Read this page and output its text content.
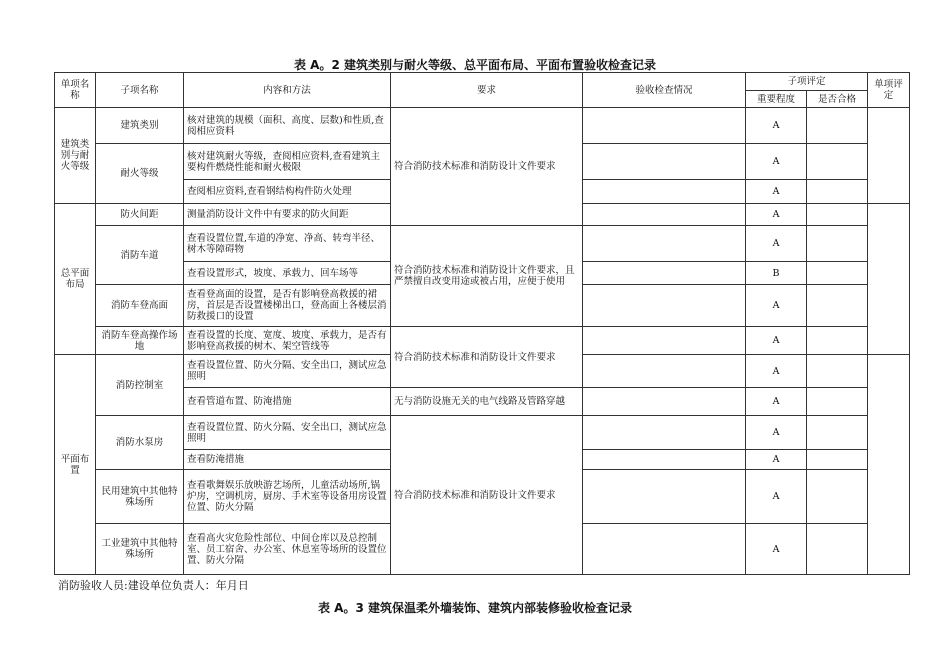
表 A。2 建筑类别与耐火等级、总平面布局、平面布置验收检查记录
单项名称	子项名称	内容和方法	要求	验收检查情况	子项评定		单项评定
					重要程度	是否合格	
建筑类别与耐火等级	建筑类别	核对建筑的规模（面积、高度、层数)和性质,查阅相应资料	符合消防技术标准和消防设计文件要求		A		
	耐火等级	核对建筑耐火等级，查阅相应资料,查看建筑主要构件燃烧性能和耐火极限			A		
		查阅相应资料,查看钢结构构件防火处理			A		
总平面布局	防火间距	测量消防设计文件中有要求的防火间距			A		
	消防车道	查看设置位置,车道的净宽、净高、转弯半径、树木等障碍物	符合消防技术标准和消防设计文件要求，且严禁擅自改变用途或被占用，应便于使用		A		
		查看设置形式，坡度、承载力、回车场等			B		
	消防车登高面	查看登高面的设置，是否有影响登高救援的裙房，首层是否设置楼梯出口，登高面上各楼层消防救援口的设置			A		
	消防车登高操作场地	查看设置的长度、宽度、坡度、承载力，是否有影响登高救援的树木、架空管线等	符合消防技术标准和消防设计文件要求		A		
平面布置	消防控制室	查看设置位置、防火分隔、安全出口，测试应急照明			A		
		查看管道布置、防淹措施	无与消防设施无关的电气线路及管路穿越		A		
	消防水泵房	查看设置位置、防火分隔、安全出口，测试应急照明	符合消防技术标准和消防设计文件要求		A		
		查看防淹措施			A		
	民用建筑中其他特殊场所	查看歌舞娱乐放映游艺场所，儿童活动场所,锅炉房，空调机房，厨房、手术室等设备用房设置位置、防火分隔			A		
	工业建筑中其他特殊场所	查看高火灾危险性部位、中间仓库以及总控制室、员工宿舍、办公室、休息室等场所的设置位置、防火分隔			A		
消防验收人员:建设单位负责人：年月日
表 A。3 建筑保温柔外墙装饰、建筑内部装修验收检查记录
